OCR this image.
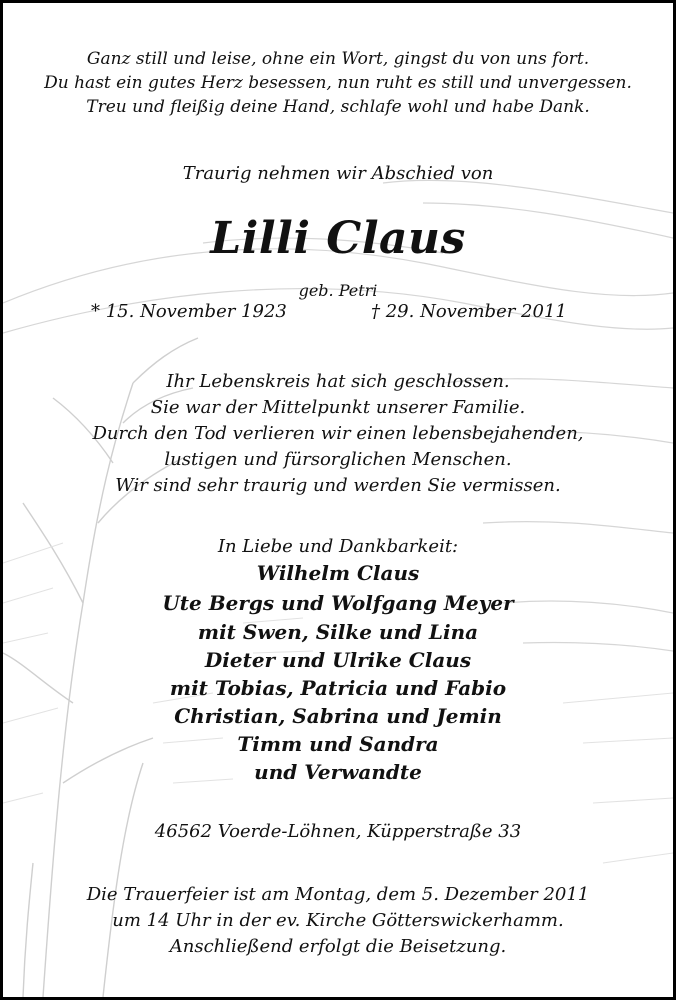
Ganz still und leise, ohne ein Wort, gingst du von uns fort.
Du hast ein gutes Herz besessen, nun ruht es still und unvergessen.
Treu und fleißig deine Hand, schlafe wohl und habe Dank.
Traurig nehmen wir Abschied von
Lilli Claus
geb. Petri
* 15. November 1923	† 29. November 2011
Ihr Lebenskreis hat sich geschlossen.
Sie war der Mittelpunkt unserer Familie.
Durch den Tod verlieren wir einen lebensbejahenden,
lustigen und fürsorglichen Menschen.
Wir sind sehr traurig und werden Sie vermissen.
In Liebe und Dankbarkeit:
Wilhelm Claus
Ute Bergs und Wolfgang Meyer
mit Swen, Silke und Lina
Dieter und Ulrike Claus
mit Tobias, Patricia und Fabio
Christian, Sabrina und Jemin
Timm und Sandra
und Verwandte
46562 Voerde-Löhnen, Küpperstraße 33
Die Trauerfeier ist am Montag, dem 5. Dezember 2011
um 14 Uhr in der ev. Kirche Götterswickerhamm.
Anschließend erfolgt die Beisetzung.
